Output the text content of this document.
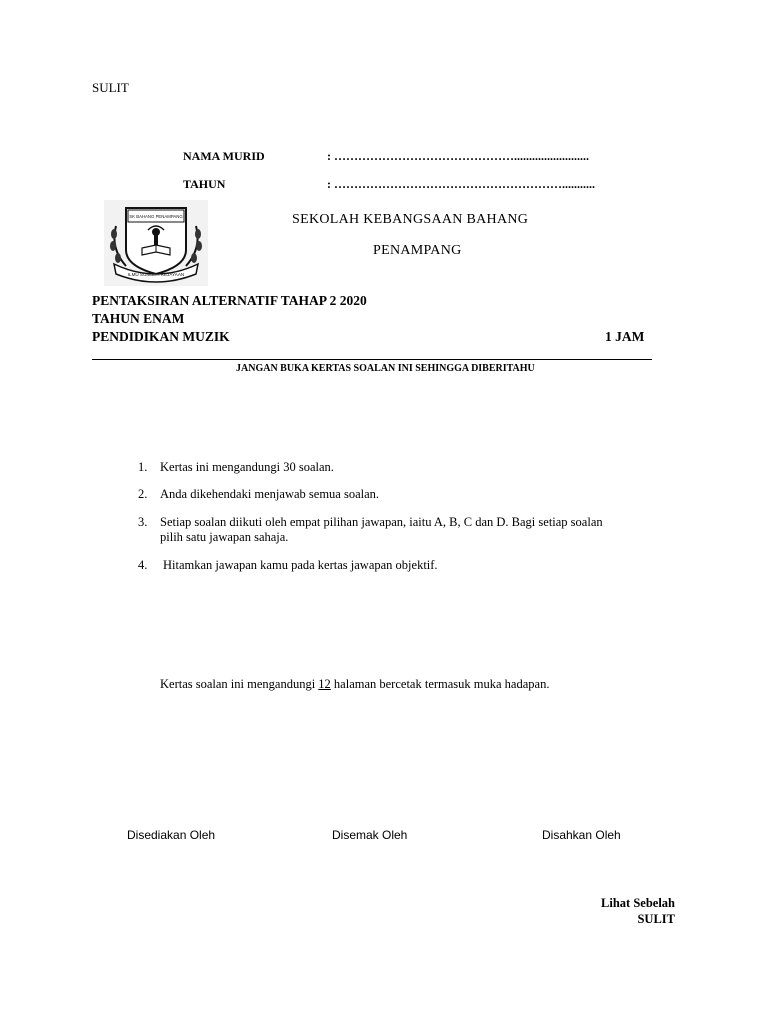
SULIT
NAMA MURID	: ……………………………………….........................
TAHUN	: …………………………………………………...........
SK BAHANG PENAMPANG
ILMU SUMBER KEJAYAAN
SEKOLAH KEBANGSAAN BAHANG
PENAMPANG
PENTAKSIRAN ALTERNATIF TAHAP 2 2020
TAHUN ENAM
PENDIDIKAN MUZIK	1 JAM
JANGAN BUKA KERTAS SOALAN INI SEHINGGA DIBERITAHU
1. Kertas ini mengandungi 30 soalan.
2. Anda dikehendaki menjawab semua soalan.
3. Setiap soalan diikuti oleh empat pilihan jawapan, iaitu A, B, C dan D. Bagi setiap soalan
pilih satu jawapan sahaja.
4. Hitamkan jawapan kamu pada kertas jawapan objektif.
Kertas soalan ini mengandungi 12 halaman bercetak termasuk muka hadapan.
Disediakan Oleh	Disemak Oleh	Disahkan Oleh
Lihat Sebelah
SULIT
